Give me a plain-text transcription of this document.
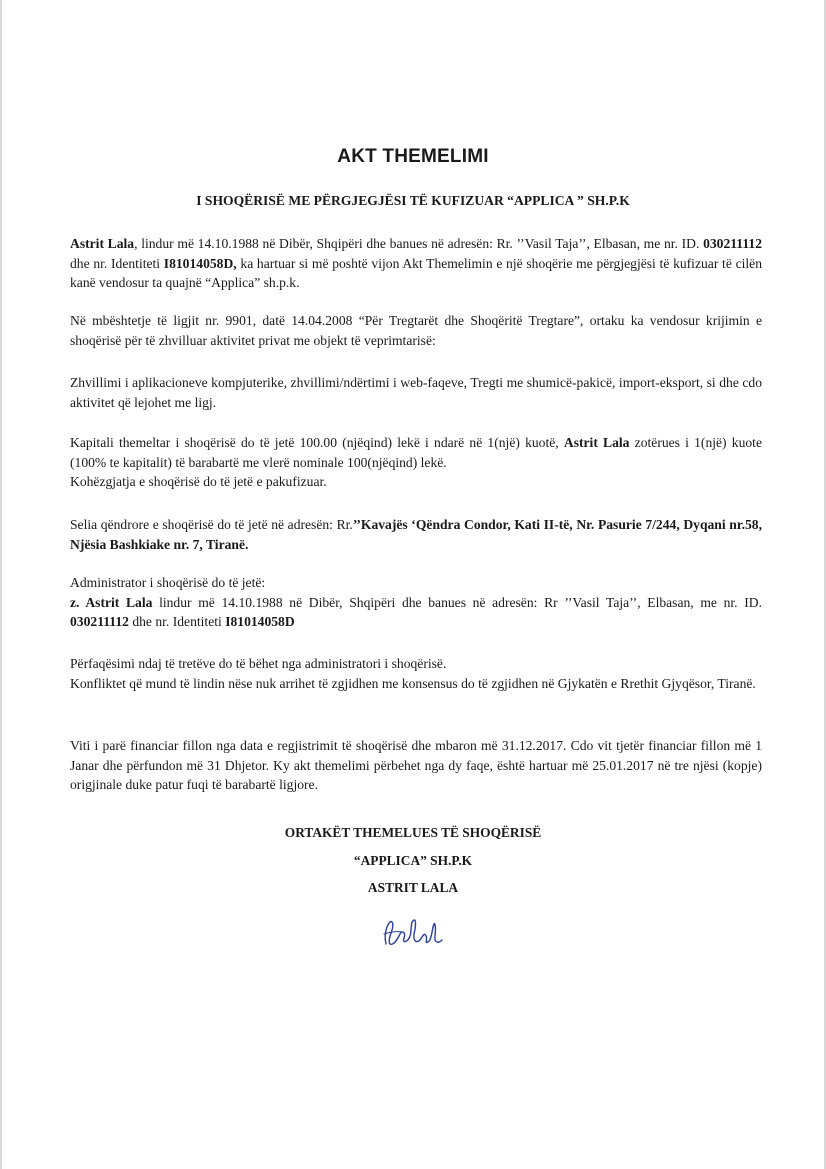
AKT THEMELIMI
I SHOQËRISË ME PËRGJEGJËSI TË KUFIZUAR “APPLICA ” SH.P.K
Astrit Lala, lindur më 14.10.1988 në Dibër, Shqipëri dhe banues në adresën: Rr. ’’Vasil Taja’’, Elbasan, me nr. ID. 030211112 dhe nr. Identiteti I81014058D, ka hartuar si më poshtë vijon Akt Themelimin e një shoqërie me përgjegjësi të kufizuar të cilën kanë vendosur ta quajnë “Applica” sh.p.k.
Në mbështetje të ligjit nr. 9901, datë 14.04.2008 “Për Tregtarët dhe Shoqëritë Tregtare”, ortaku ka vendosur krijimin e shoqërisë për të zhvilluar aktivitet privat me objekt të veprimtarisë:
Zhvillimi i aplikacioneve kompjuterike, zhvillimi/ndërtimi i web-faqeve, Tregti me shumicë-pakicë, import-eksport, si dhe cdo aktivitet që lejohet me ligj.
Kapitali themeltar i shoqërisë do të jetë 100.00 (njëqind) lekë i ndarë në 1(një) kuotë, Astrit Lala zotërues i 1(një) kuote (100% te kapitalit) të barabartë me vlerë nominale 100(njëqind) lekë.
Kohëzgjatja e shoqërisë do të jetë e pakufizuar.
Selia qëndrore e shoqërisë do të jetë në adresën: Rr.’’Kavajës ‘Qëndra Condor, Kati II-të, Nr. Pasurie 7/244, Dyqani nr.58, Njësia Bashkiake nr. 7, Tiranë.
Administrator i shoqërisë do të jetë:
z. Astrit Lala lindur më 14.10.1988 në Dibër, Shqipëri dhe banues në adresën: Rr ’’Vasil Taja’’, Elbasan, me nr. ID. 030211112 dhe nr. Identiteti I81014058D
Përfaqësimi ndaj të tretëve do të bëhet nga administratori i shoqërisë.
Konfliktet që mund të lindin nëse nuk arrihet të zgjidhen me konsensus do të zgjidhen në Gjykatën e Rrethit Gjyqësor, Tiranë.
Viti i parë financiar fillon nga data e regjistrimit të shoqërisë dhe mbaron më 31.12.2017. Cdo vit tjetër financiar fillon më 1 Janar dhe përfundon më 31 Dhjetor. Ky akt themelimi përbehet nga dy faqe, është hartuar më 25.01.2017 në tre njësi (kopje) origjinale duke patur fuqi të barabartë ligjore.
ORTAKËT THEMELUES TË SHOQËRISË
“APPLICA” SH.P.K
ASTRIT LALA
